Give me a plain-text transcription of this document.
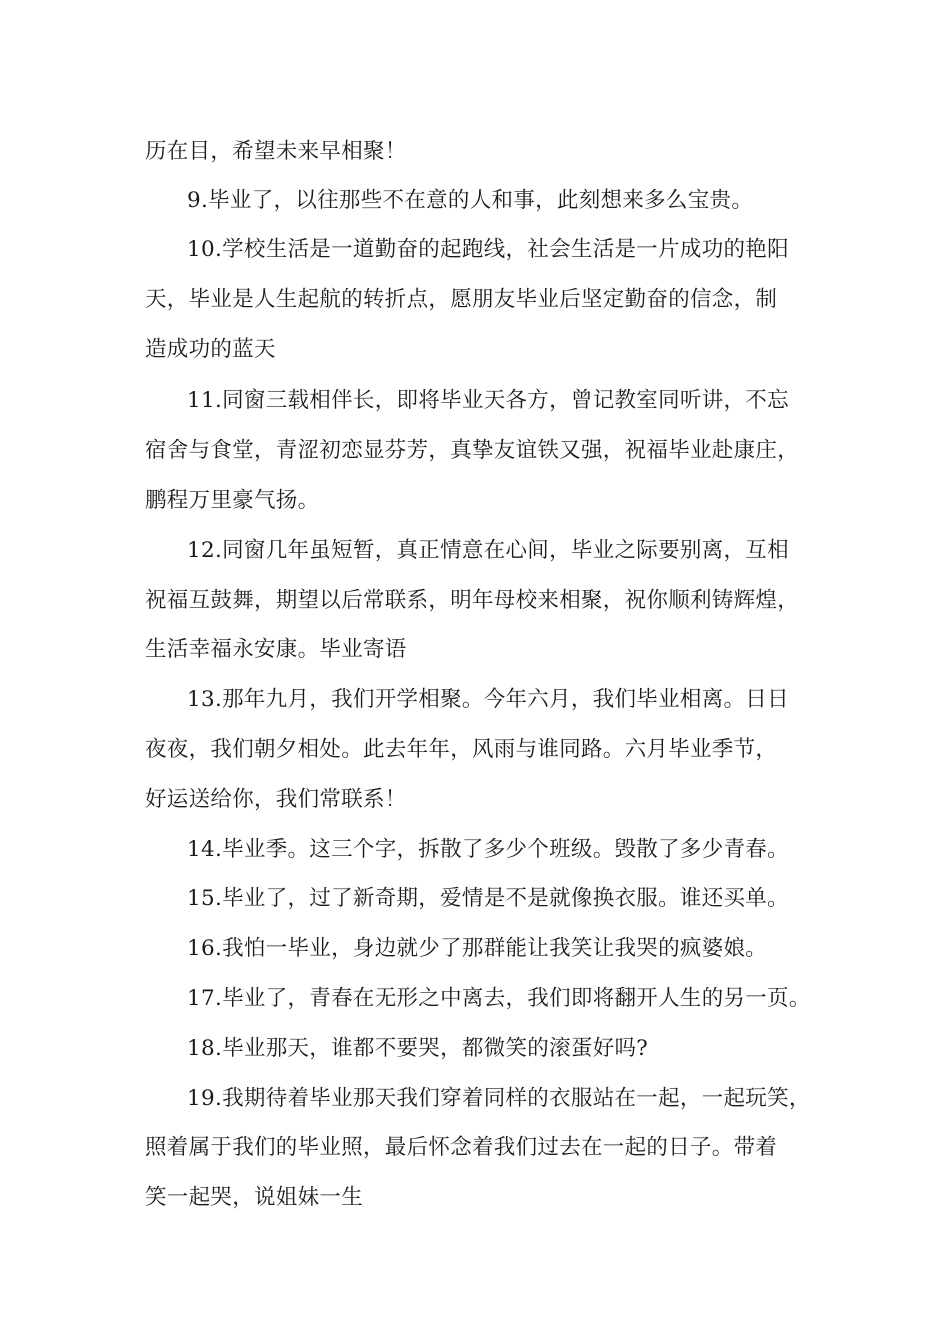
历在目，希望未来早相聚！
9.毕业了，以往那些不在意的人和事，此刻想来多么宝贵。
10.学校生活是一道勤奋的起跑线，社会生活是一片成功的艳阳
天，毕业是人生起航的转折点，愿朋友毕业后坚定勤奋的信念，制
造成功的蓝天
11.同窗三载相伴长，即将毕业天各方，曾记教室同听讲，不忘
宿舍与食堂，青涩初恋显芬芳，真挚友谊铁又强，祝福毕业赴康庄，
鹏程万里豪气扬。
12.同窗几年虽短暂，真正情意在心间，毕业之际要别离，互相
祝福互鼓舞，期望以后常联系，明年母校来相聚，祝你顺利铸辉煌，
生活幸福永安康。毕业寄语
13.那年九月，我们开学相聚。今年六月，我们毕业相离。日日
夜夜，我们朝夕相处。此去年年，风雨与谁同路。六月毕业季节，
好运送给你，我们常联系！
14.毕业季。这三个字，拆散了多少个班级。毁散了多少青春。
15.毕业了，过了新奇期，爱情是不是就像换衣服。谁还买单。
16.我怕一毕业，身边就少了那群能让我笑让我哭的疯婆娘。
17.毕业了，青春在无形之中离去，我们即将翻开人生的另一页。
18.毕业那天，谁都不要哭，都微笑的滚蛋好吗?
19.我期待着毕业那天我们穿着同样的衣服站在一起，一起玩笑，
照着属于我们的毕业照，最后怀念着我们过去在一起的日子。带着
笑一起哭，说姐妹一生
